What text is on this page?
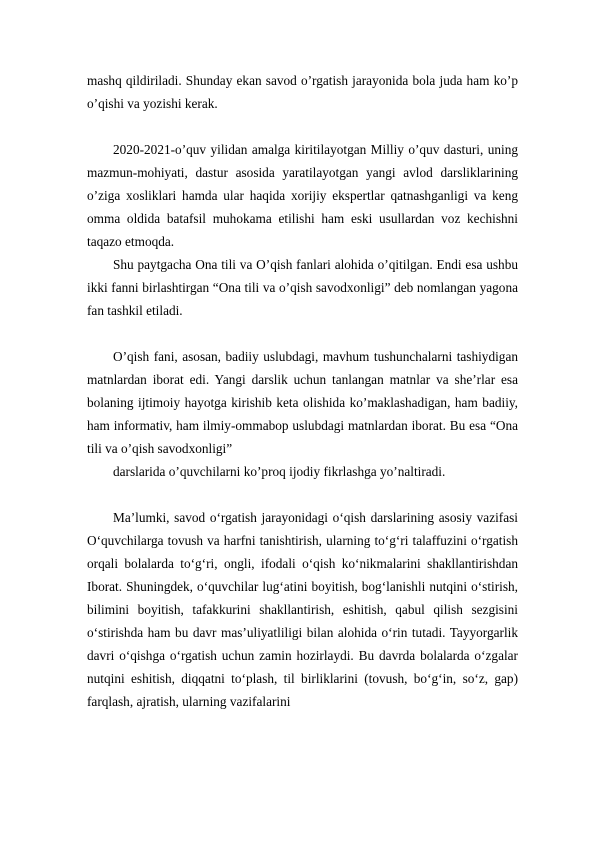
mashq qildiriladi. Shunday ekan savod o’rgatish jarayonida bola juda ham ko’p o’qishi va yozishi kerak.

2020-2021-o’quv yilidan amalga kiritilayotgan Milliy o’quv dasturi, uning mazmun-mohiyati, dastur asosida yaratilayotgan yangi avlod darsliklarining o’ziga xosliklari hamda ular haqida xorijiy ekspertlar qatnashganligi va keng omma oldida batafsil muhokama etilishi ham eski usullardan voz kechishni taqazo etmoqda.

Shu paytgacha Ona tili va O’qish fanlari alohida o’qitilgan. Endi esa ushbu ikki fanni birlashtirgan “Ona tili va o’qish savodxonligi” deb nomlangan yagona fan tashkil etiladi.

O’qish fani, asosan, badiiy uslubdagi, mavhum tushunchalarni tashiydigan matnlardan iborat edi. Yangi darslik uchun tanlangan matnlar va she’rlar esa bolaning ijtimoiy hayotga kirishib keta olishida ko’maklashadigan, ham badiiy, ham informativ, ham ilmiy-ommabop uslubdagi matnlardan iborat. Bu esa “Ona tili va o’qish savodxonligi”

darslarida o’quvchilarni ko’proq ijodiy fikrlashga yo’naltiradi.

Ma’lumki, savod oʻrgatish jarayonidagi oʻqish darslarining asosiy vazifasi Oʻquvchilarga tovush va harfni tanishtirish, ularning toʻgʻri talaffuzini oʻrgatish orqali bolalarda toʻgʻri, ongli, ifodali oʻqish koʻnikmalarini shakllantirishdan Iborat. Shuningdek, oʻquvchilar lugʻatini boyitish, bogʻlanishli nutqini oʻstirish, bilimini boyitish, tafakkurini shakllantirish, eshitish, qabul qilish sezgisini oʻstirishda ham bu davr mas’uliyatliligi bilan alohida oʻrin tutadi. Tayyorgarlik davri oʻqishga oʻrgatish uchun zamin hozirlaydi. Bu davrda bolalarda oʻzgalar nutqini eshitish, diqqatni toʻplash, til birliklarini (tovush, boʻgʻin, soʻz, gap) farqlash, ajratish, ularning vazifalarini
